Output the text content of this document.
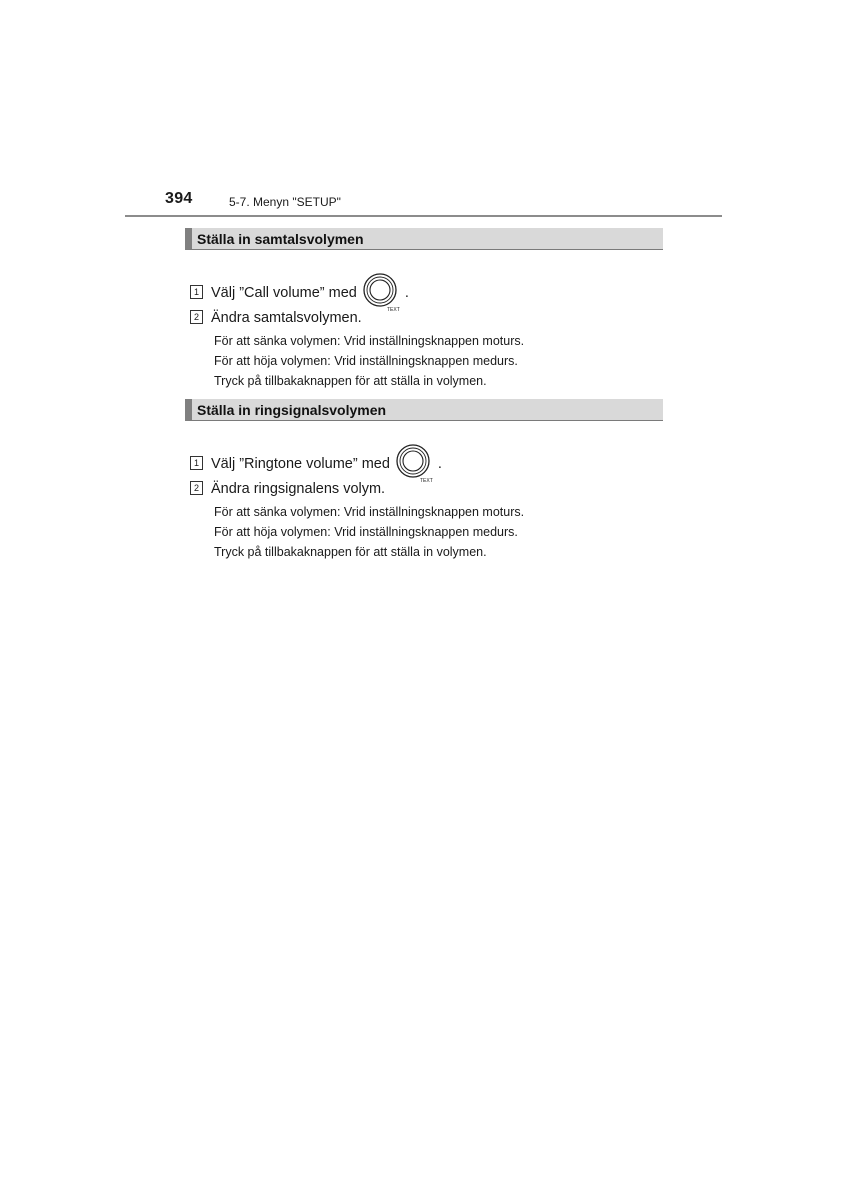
394	5-7. Menyn "SETUP"
Ställa in samtalsvolymen
1 Välj ”Call volume” med
TEXT
.
2 Ändra samtalsvolymen.
För att sänka volymen: Vrid inställningsknappen moturs.
För att höja volymen: Vrid inställningsknappen medurs.
Tryck på tillbakaknappen för att ställa in volymen.
Ställa in ringsignalsvolymen
1 Välj ”Ringtone volume” med
TEXT
.
2 Ändra ringsignalens volym.
För att sänka volymen: Vrid inställningsknappen moturs.
För att höja volymen: Vrid inställningsknappen medurs.
Tryck på tillbakaknappen för att ställa in volymen.
